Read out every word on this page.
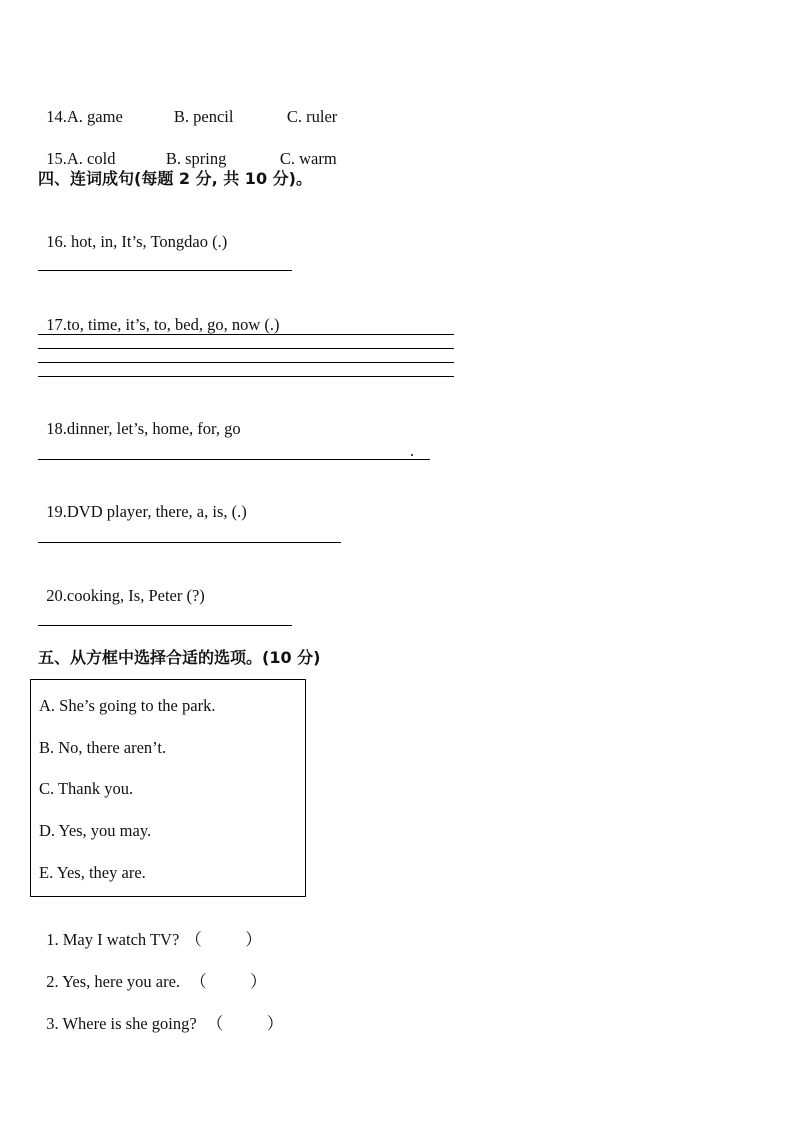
14.A. game	B. pencil	C. ruler

15.A. cold	B. spring	C. warm

四、连词成句(每题 2 分, 共 10 分)。

16. hot, in, It’s, Tongdao (.)

17.to, time, it’s, to, bed, go, now (.)

18.dinner, let’s, home, for, go

.

19.DVD player, there, a, is, (.)

20.cooking, Is, Peter (?)

五、从方框中选择合适的选项。(10 分)
A. She’s going to the park.
B. No, there aren’t.
C. Thank you.
D. Yes, you may.
E. Yes, they are.

1. May I watch TV? （	）

2. Yes, here you are. （	）

3. Where is she going? （	）
